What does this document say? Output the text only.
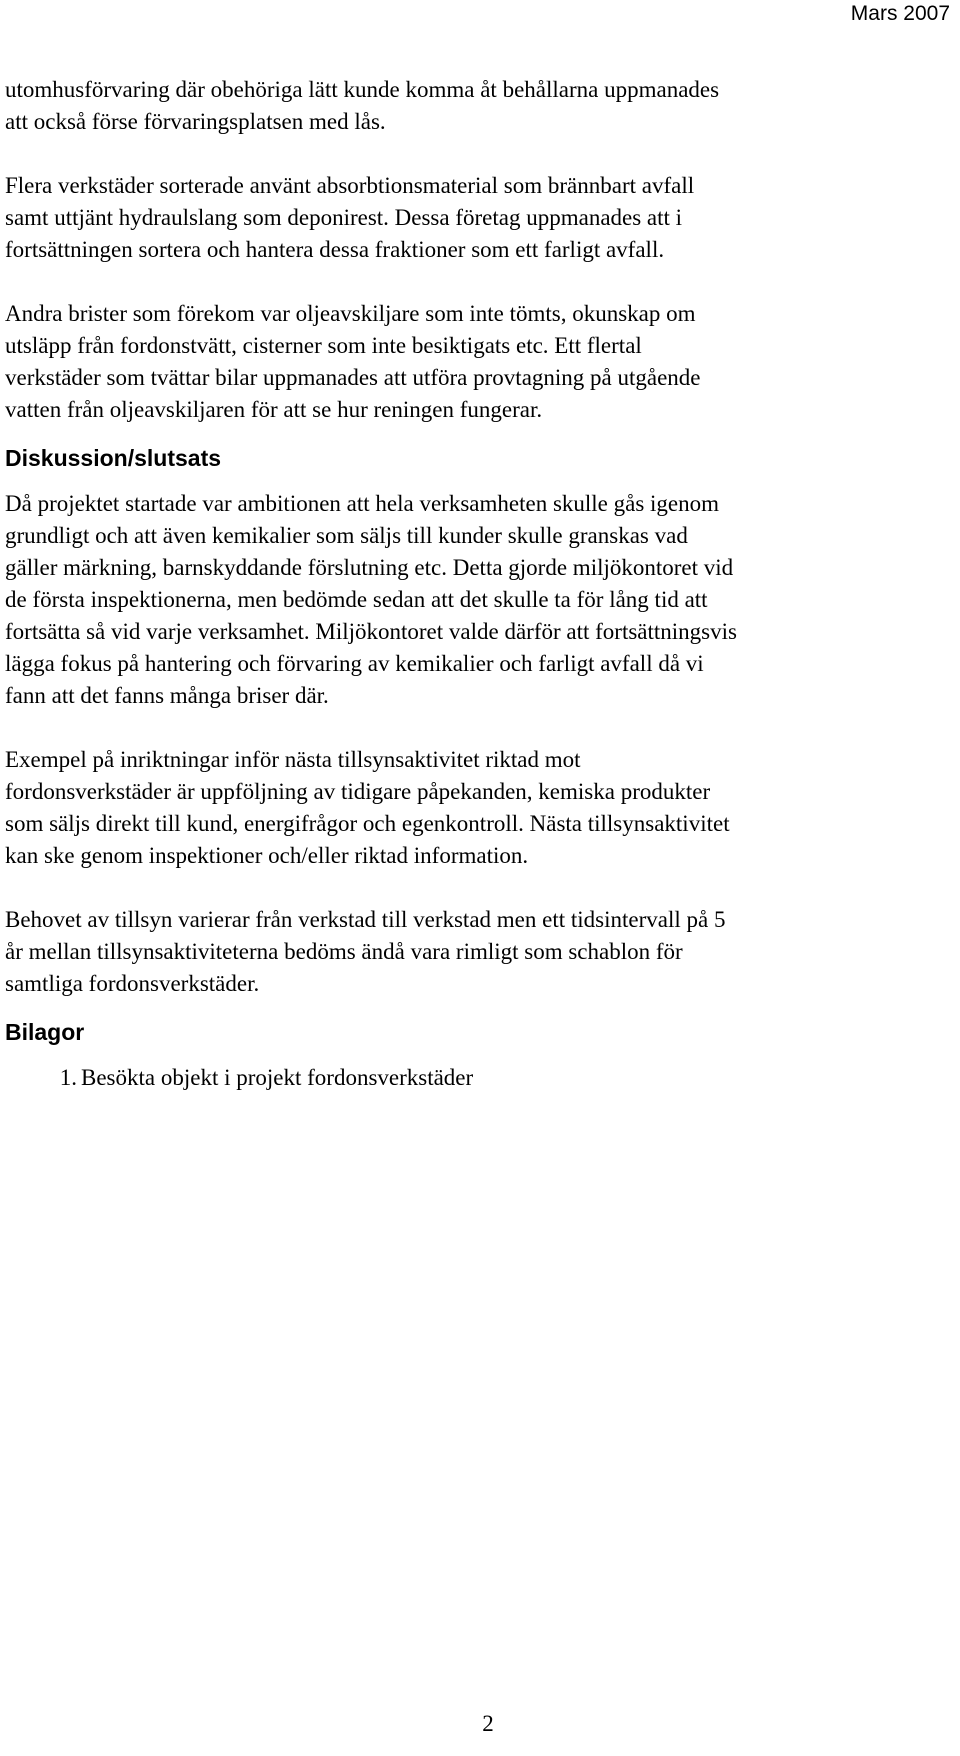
Mars 2007

utomhusförvaring där obehöriga lätt kunde komma åt behållarna uppmanades
att också förse förvaringsplatsen med lås.

Flera verkstäder sorterade använt absorbtionsmaterial som brännbart avfall
samt uttjänt hydraulslang som deponirest. Dessa företag uppmanades att i
fortsättningen sortera och hantera dessa fraktioner som ett farligt avfall.

Andra brister som förekom var oljeavskiljare som inte tömts, okunskap om
utsläpp från fordonstvätt, cisterner som inte besiktigats etc. Ett flertal
verkstäder som tvättar bilar uppmanades att utföra provtagning på utgående
vatten från oljeavskiljaren för att se hur reningen fungerar.

Diskussion/slutsats

Då projektet startade var ambitionen att hela verksamheten skulle gås igenom
grundligt och att även kemikalier som säljs till kunder skulle granskas vad
gäller märkning, barnskyddande förslutning etc. Detta gjorde miljökontoret vid
de första inspektionerna, men bedömde sedan att det skulle ta för lång tid att
fortsätta så vid varje verksamhet. Miljökontoret valde därför att fortsättningsvis
lägga fokus på hantering och förvaring av kemikalier och farligt avfall då vi
fann att det fanns många briser där.

Exempel på inriktningar inför nästa tillsynsaktivitet riktad mot
fordonsverkstäder är uppföljning av tidigare påpekanden, kemiska produkter
som säljs direkt till kund, energifrågor och egenkontroll. Nästa tillsynsaktivitet
kan ske genom inspektioner och/eller riktad information.

Behovet av tillsyn varierar från verkstad till verkstad men ett tidsintervall på 5
år mellan tillsynsaktiviteterna bedöms ändå vara rimligt som schablon för
samtliga fordonsverkstäder.

Bilagor
1. Besökta objekt i projekt fordonsverkstäder
2
